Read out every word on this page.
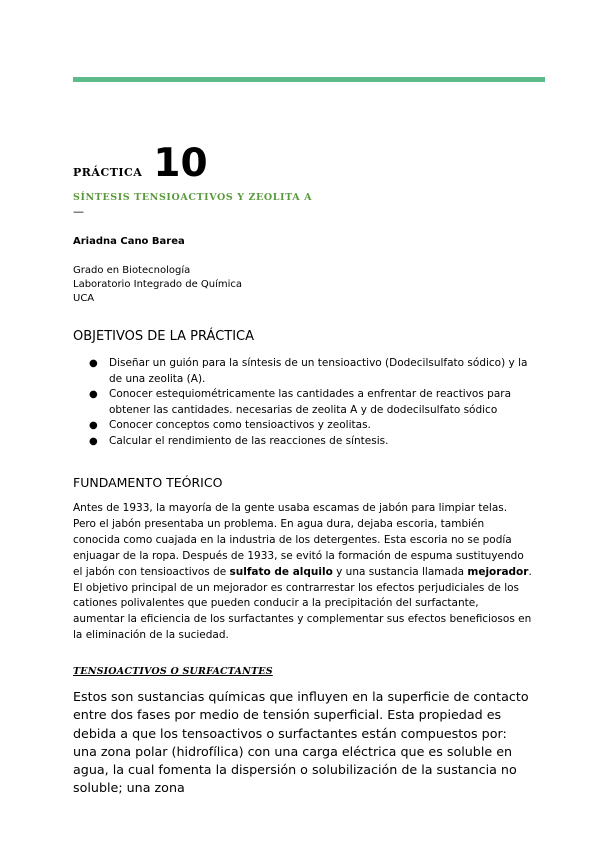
PRÁCTICA 10
SÍNTESIS TENSIOACTIVOS Y ZEOLITA A
—
Ariadna Cano Barea
Grado en Biotecnología
Laboratorio Integrado de Química
UCA
OBJETIVOS DE LA PRÁCTICA
● Diseñar un guión para la síntesis de un tensioactivo (Dodecilsulfato sódico) y la de una zeolita (A).
● Conocer estequiométricamente las cantidades a enfrentar de reactivos para obtener las cantidades. necesarias de zeolita A y de dodecilsulfato sódico
● Conocer conceptos como tensioactivos y zeolitas.
● Calcular el rendimiento de las reacciones de síntesis.
FUNDAMENTO TEÓRICO

Antes de 1933, la mayoría de la gente usaba escamas de jabón para limpiar telas. Pero el jabón presentaba un problema. En agua dura, dejaba escoria, también conocida como cuajada en la industria de los detergentes. Esta escoria no se podía enjuagar de la ropa. Después de 1933, se evitó la formación de espuma sustituyendo el jabón con tensioactivos de sulfato de alquilo y una sustancia llamada mejorador. El objetivo principal de un mejorador es contrarrestar los efectos perjudiciales de los cationes polivalentes que pueden conducir a la precipitación del surfactante, aumentar la eficiencia de los surfactantes y complementar sus efectos beneficiosos en la eliminación de la suciedad.

TENSIOACTIVOS O SURFACTANTES

Estos son sustancias químicas que influyen en la superficie de contacto entre dos fases por medio de tensión superficial. Esta propiedad es debida a que los tensoactivos o surfactantes están compuestos por: una zona polar (hidrofílica) con una carga eléctrica que es soluble en agua, la cual fomenta la dispersión o solubilización de la sustancia no soluble; una zona
